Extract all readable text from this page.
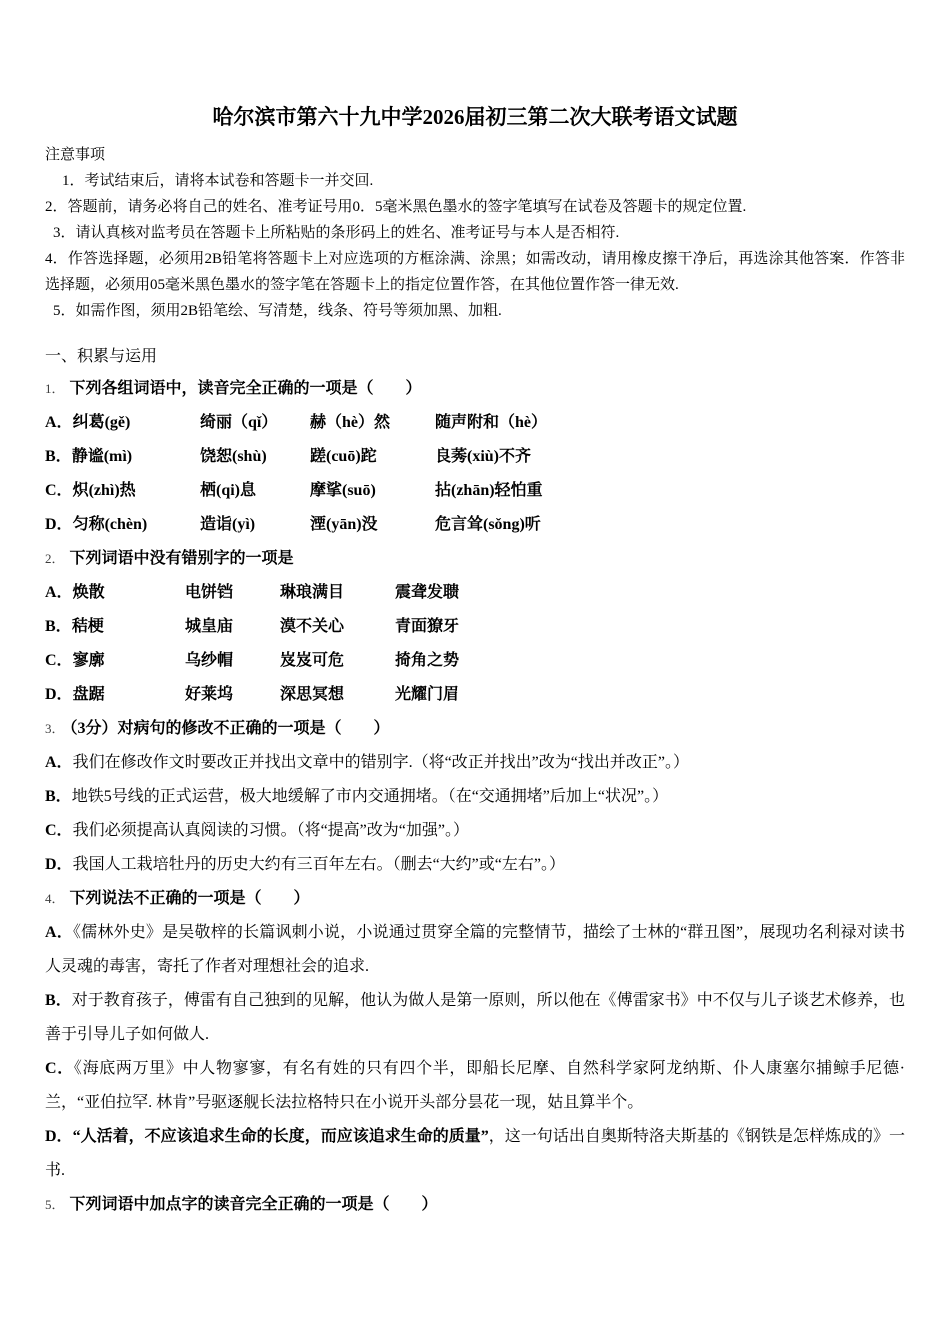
哈尔滨市第六十九中学2026届初三第二次大联考语文试题

注意事项

1．考试结束后，请将本试卷和答题卡一并交回.

2．答题前，请务必将自己的姓名、准考证号用0．5毫米黑色墨水的签字笔填写在试卷及答题卡的规定位置.

3．请认真核对监考员在答题卡上所粘贴的条形码上的姓名、准考证号与本人是否相符.

4．作答选择题，必须用2B铅笔将答题卡上对应选项的方框涂满、涂黑；如需改动，请用橡皮擦干净后，再选涂其他答案．作答非选择题，必须用05毫米黑色墨水的签字笔在答题卡上的指定位置作答，在其他位置作答一律无效.

5．如需作图，须用2B铅笔绘、写清楚，线条、符号等须加黑、加粗.

一、积累与运用

1． 下列各组词语中，读音完全正确的一项是（　　）

A．纠葛(gě)	绮丽（qǐ）	赫（hè）然	随声附和（hè）
B．静谧(mì)	饶恕(shù)	蹉(cuō)跎	良莠(xiù)不齐
C．炽(zhì)热	栖(qi)息	摩挲(suō)	拈(zhān)轻怕重
D．匀称(chèn)	造诣(yì)	湮(yān)没	危言耸(sǒng)听

2． 下列词语中没有错别字的一项是

A．焕散	电饼铛	琳琅满目	震聋发聩
B．秸梗	城皇庙	漠不关心	青面獠牙
C．寥廓	乌纱帽	岌岌可危	掎角之势
D．盘踞	好莱坞	深思冥想	光耀门眉

3． （3分）对病句的修改不正确的一项是（　　）

A．我们在修改作文时要改正并找出文章中的错别字.（将“改正并找出”改为“找出并改正”。）

B．地铁5号线的正式运营，极大地缓解了市内交通拥堵。（在“交通拥堵”后加上“状况”。）

C．我们必须提高认真阅读的习惯。（将“提高”改为“加强”。）

D．我国人工栽培牡丹的历史大约有三百年左右。（删去“大约”或“左右”。）

4． 下列说法不正确的一项是（　　）

A．《儒林外史》是吴敬梓的长篇讽刺小说，小说通过贯穿全篇的完整情节，描绘了士林的“群丑图”，展现功名利禄对读书人灵魂的毒害，寄托了作者对理想社会的追求.

B．对于教育孩子，傅雷有自己独到的见解，他认为做人是第一原则，所以他在《傅雷家书》中不仅与儿子谈艺术修养，也善于引导儿子如何做人.

C．《海底两万里》中人物寥寥，有名有姓的只有四个半，即船长尼摩、自然科学家阿龙纳斯、仆人康塞尔捕鲸手尼德·兰，“亚伯拉罕. 林肯”号驱逐舰长法拉格特只在小说开头部分昙花一现，姑且算半个。

D．“人活着，不应该追求生命的长度，而应该追求生命的质量”，这一句话出自奥斯特洛夫斯基的《钢铁是怎样炼成的》一书.

5． 下列词语中加点字的读音完全正确的一项是（　　）
